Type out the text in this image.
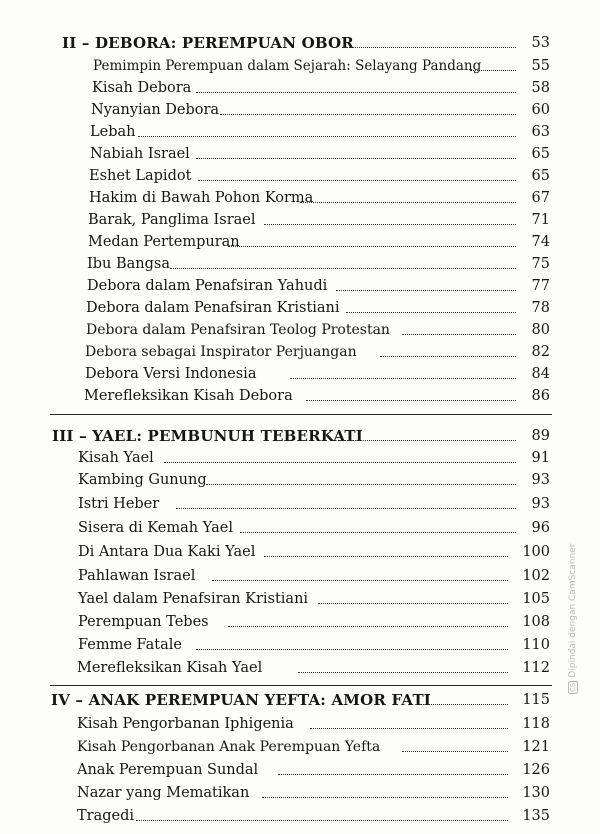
II – DEBORA: PEREMPUAN OBOR	53
Pemimpin Perempuan dalam Sejarah: Selayang Pandang	55
Kisah Debora	58
Nyanyian Debora	60
Lebah	63
Nabiah Israel	65
Eshet Lapidot	65
Hakim di Bawah Pohon Korma	67
Barak, Panglima Israel	71
Medan Pertempuran	74
Ibu Bangsa	75
Debora dalam Penafsiran Yahudi	77
Debora dalam Penafsiran Kristiani	78
Debora dalam Penafsiran Teolog Protestan	80
Debora sebagai Inspirator Perjuangan	82
Debora Versi Indonesia	84
Merefleksikan Kisah Debora	86
III – YAEL: PEMBUNUH TEBERKATI	89
Kisah Yael	91
Kambing Gunung	93
Istri Heber	93
Sisera di Kemah Yael	96
Di Antara Dua Kaki Yael	100
Pahlawan Israel	102
Yael dalam Penafsiran Kristiani	105
Perempuan Tebes	108
Femme Fatale	110
Merefleksikan Kisah Yael	112
IV – ANAK PEREMPUAN YEFTA: AMOR FATI	115
Kisah Pengorbanan Iphigenia	118
Kisah Pengorbanan Anak Perempuan Yefta	121
Anak Perempuan Sundal	126
Nazar yang Mematikan	130
Tragedi	135
CSDipindai dengan CamScanner
